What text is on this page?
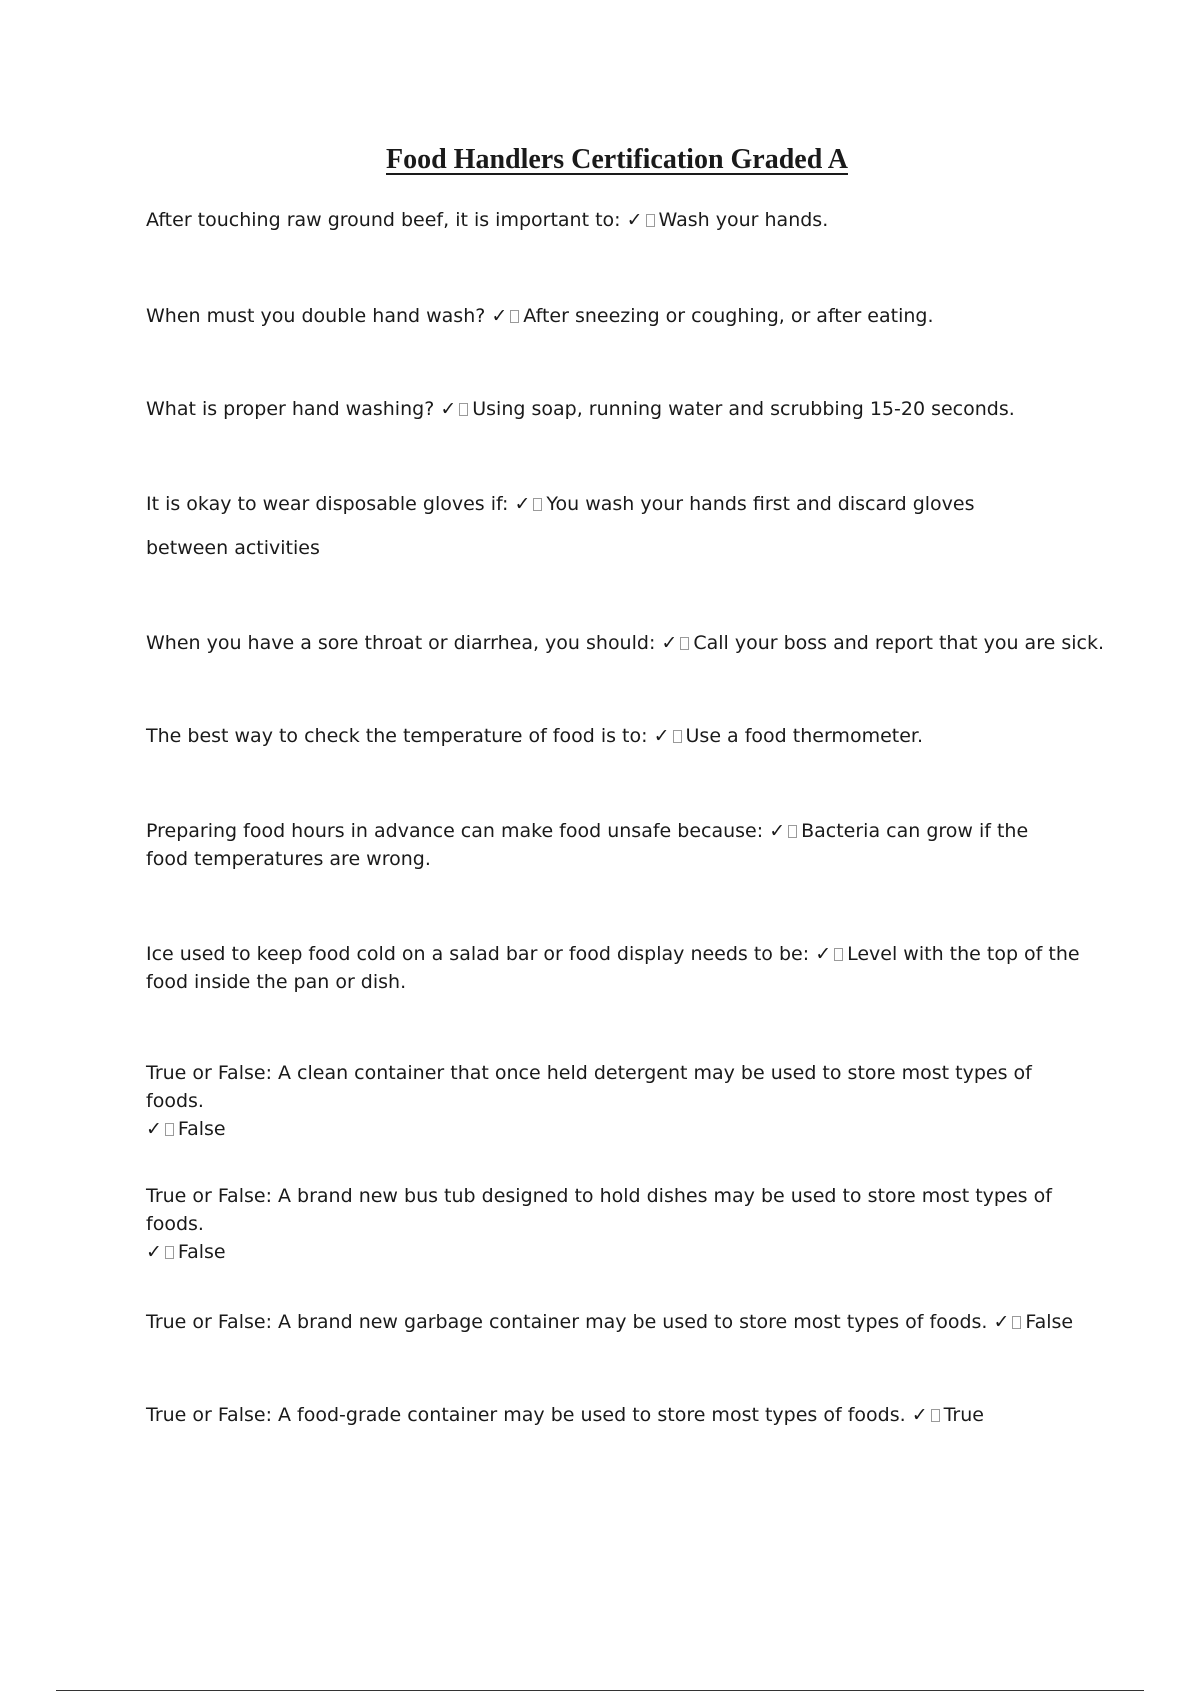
Food Handlers Certification Graded A

After touching raw ground beef, it is important to: ✓ Wash your hands.

When must you double hand wash? ✓ After sneezing or coughing, or after eating.

What is proper hand washing? ✓ Using soap, running water and scrubbing 15-20 seconds.

It is okay to wear disposable gloves if: ✓ You wash your hands first and discard gloves between activities

When you have a sore throat or diarrhea, you should: ✓ Call your boss and report that you are sick.

The best way to check the temperature of food is to: ✓ Use a food thermometer.

Preparing food hours in advance can make food unsafe because: ✓ Bacteria can grow if the food temperatures are wrong.

Ice used to keep food cold on a salad bar or food display needs to be: ✓ Level with the top of the food inside the pan or dish.

True or False: A clean container that once held detergent may be used to store most types of foods.
✓ False

True or False: A brand new bus tub designed to hold dishes may be used to store most types of foods.
✓ False

True or False: A brand new garbage container may be used to store most types of foods. ✓ False

True or False: A food-grade container may be used to store most types of foods. ✓ True
